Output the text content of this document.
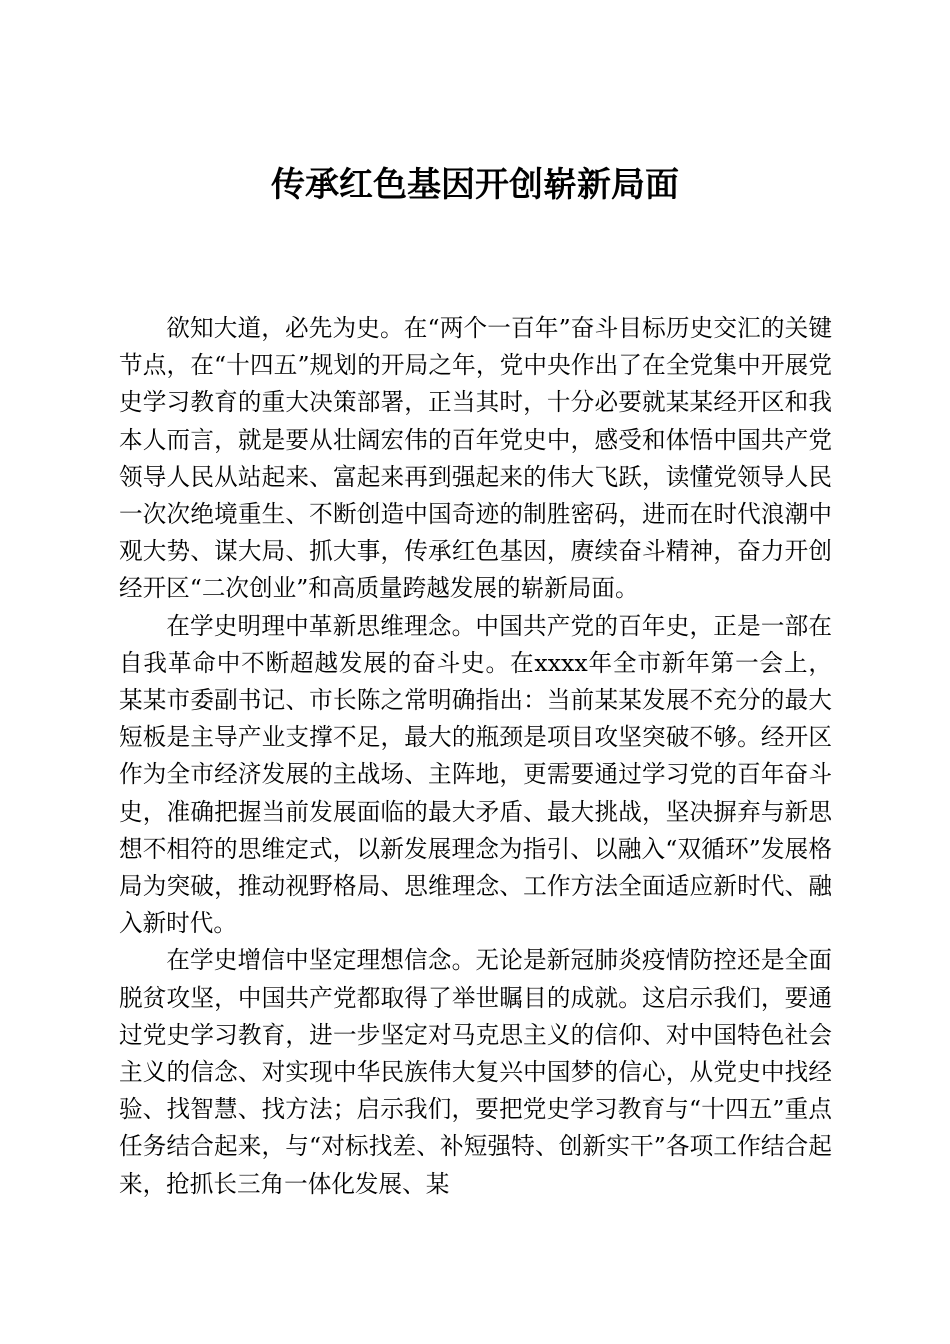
传承红色基因开创崭新局面

欲知大道，必先为史。在“两个一百年”奋斗目标历史交汇的关键节点，在“十四五”规划的开局之年，党中央作出了在全党集中开展党史学习教育的重大决策部署，正当其时，十分必要就某某经开区和我本人而言，就是要从壮阔宏伟的百年党史中，感受和体悟中国共产党领导人民从站起来、富起来再到强起来的伟大飞跃，读懂党领导人民一次次绝境重生、不断创造中国奇迹的制胜密码，进而在时代浪潮中观大势、谋大局、抓大事，传承红色基因，赓续奋斗精神，奋力开创经开区“二次创业”和高质量跨越发展的崭新局面。

在学史明理中革新思维理念。中国共产党的百年史，正是一部在自我革命中不断超越发展的奋斗史。在xxxx年全市新年第一会上，某某市委副书记、市长陈之常明确指出：当前某某发展不充分的最大短板是主导产业支撑不足，最大的瓶颈是项目攻坚突破不够。经开区作为全市经济发展的主战场、主阵地，更需要通过学习党的百年奋斗史，准确把握当前发展面临的最大矛盾、最大挑战，坚决摒弃与新思想不相符的思维定式，以新发展理念为指引、以融入“双循环”发展格局为突破，推动视野格局、思维理念、工作方法全面适应新时代、融入新时代。

在学史增信中坚定理想信念。无论是新冠肺炎疫情防控还是全面脱贫攻坚，中国共产党都取得了举世瞩目的成就。这启示我们，要通过党史学习教育，进一步坚定对马克思主义的信仰、对中国特色社会主义的信念、对实现中华民族伟大复兴中国梦的信心，从党史中找经验、找智慧、找方法；启示我们，要把党史学习教育与“十四五”重点任务结合起来，与“对标找差、补短强特、创新实干”各项工作结合起来，抢抓长三角一体化发展、某
